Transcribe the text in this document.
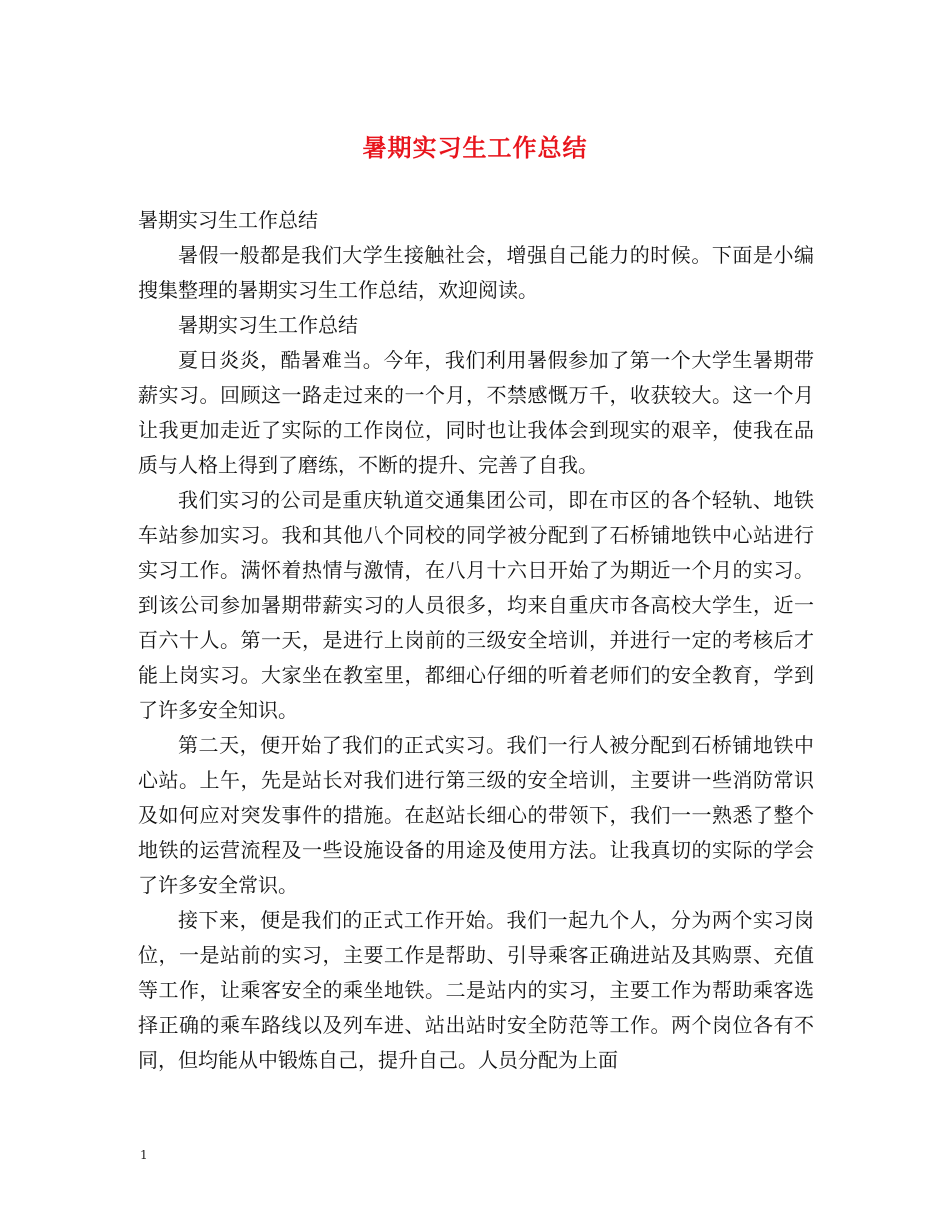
暑期实习生工作总结

暑期实习生工作总结

暑假一般都是我们大学生接触社会，增强自己能力的时候。下面是小编搜集整理的暑期实习生工作总结，欢迎阅读。

暑期实习生工作总结

夏日炎炎，酷暑难当。今年，我们利用暑假参加了第一个大学生暑期带薪实习。回顾这一路走过来的一个月，不禁感慨万千，收获较大。这一个月让我更加走近了实际的工作岗位，同时也让我体会到现实的艰辛，使我在品质与人格上得到了磨练，不断的提升、完善了自我。

我们实习的公司是重庆轨道交通集团公司，即在市区的各个轻轨、地铁车站参加实习。我和其他八个同校的同学被分配到了石桥铺地铁中心站进行实习工作。满怀着热情与激情，在八月十六日开始了为期近一个月的实习。到该公司参加暑期带薪实习的人员很多，均来自重庆市各高校大学生，近一百六十人。第一天，是进行上岗前的三级安全培训，并进行一定的考核后才能上岗实习。大家坐在教室里，都细心仔细的听着老师们的安全教育，学到了许多安全知识。

第二天，便开始了我们的正式实习。我们一行人被分配到石桥铺地铁中心站。上午，先是站长对我们进行第三级的安全培训，主要讲一些消防常识及如何应对突发事件的措施。在赵站长细心的带领下，我们一一熟悉了整个地铁的运营流程及一些设施设备的用途及使用方法。让我真切的实际的学会了许多安全常识。

接下来，便是我们的正式工作开始。我们一起九个人，分为两个实习岗位，一是站前的实习，主要工作是帮助、引导乘客正确进站及其购票、充值等工作，让乘客安全的乘坐地铁。二是站内的实习，主要工作为帮助乘客选择正确的乘车路线以及列车进、站出站时安全防范等工作。两个岗位各有不同，但均能从中锻炼自己，提升自己。人员分配为上面

1
